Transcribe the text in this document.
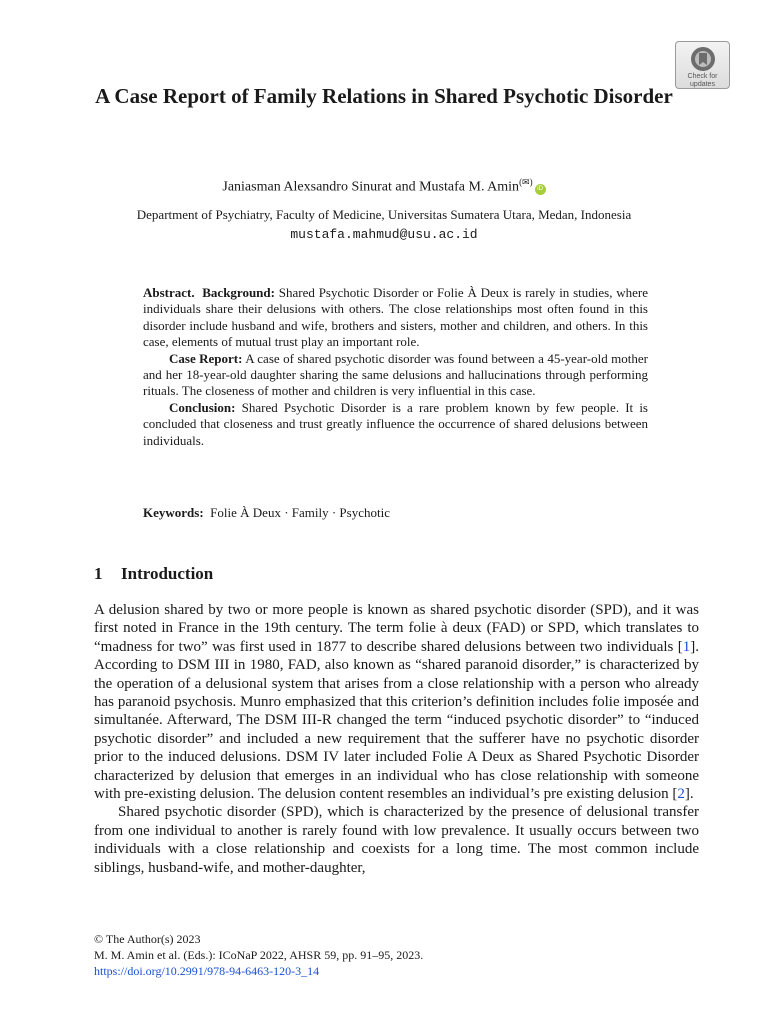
Check for
updates
A Case Report of Family Relations in Shared Psychotic Disorder
Janiasman Alexsandro Sinurat and Mustafa M. Amin(✉)iD
Department of Psychiatry, Faculty of Medicine, Universitas Sumatera Utara, Medan, Indonesia
mustafa.mahmud@usu.ac.id

Abstract. Background: Shared Psychotic Disorder or Folie À Deux is rarely in studies, where individuals share their delusions with others. The close relationships most often found in this disorder include husband and wife, brothers and sisters, mother and children, and others. In this case, elements of mutual trust play an important role.

Case Report: A case of shared psychotic disorder was found between a 45-year-old mother and her 18-year-old daughter sharing the same delusions and hallucinations through performing rituals. The closeness of mother and children is very influential in this case.

Conclusion: Shared Psychotic Disorder is a rare problem known by few people. It is concluded that closeness and trust greatly influence the occurrence of shared delusions between individuals.

Keywords: Folie À Deux · Family · Psychotic
1 Introduction

A delusion shared by two or more people is known as shared psychotic disorder (SPD), and it was first noted in France in the 19th century. The term folie à deux (FAD) or SPD, which translates to “madness for two” was first used in 1877 to describe shared delusions between two individuals [1]. According to DSM III in 1980, FAD, also known as “shared paranoid disorder,” is characterized by the operation of a delusional system that arises from a close relationship with a person who already has paranoid psychosis. Munro emphasized that this criterion’s definition includes folie imposée and simultanée. Afterward, The DSM III-R changed the term “induced psychotic disorder” to “induced psychotic disorder” and included a new requirement that the sufferer have no psychotic disorder prior to the induced delusions. DSM IV later included Folie A Deux as Shared Psychotic Disorder characterized by delusion that emerges in an individual who has close relationship with someone with pre-existing delusion. The delusion content resembles an individual’s pre existing delusion [2].

Shared psychotic disorder (SPD), which is characterized by the presence of delusional transfer from one individual to another is rarely found with low prevalence. It usually occurs between two individuals with a close relationship and coexists for a long time. The most common include siblings, husband-wife, and mother-daughter,

© The Author(s) 2023
M. M. Amin et al. (Eds.): ICoNaP 2022, AHSR 59, pp. 91–95, 2023.
https://doi.org/10.2991/978-94-6463-120-3_14
